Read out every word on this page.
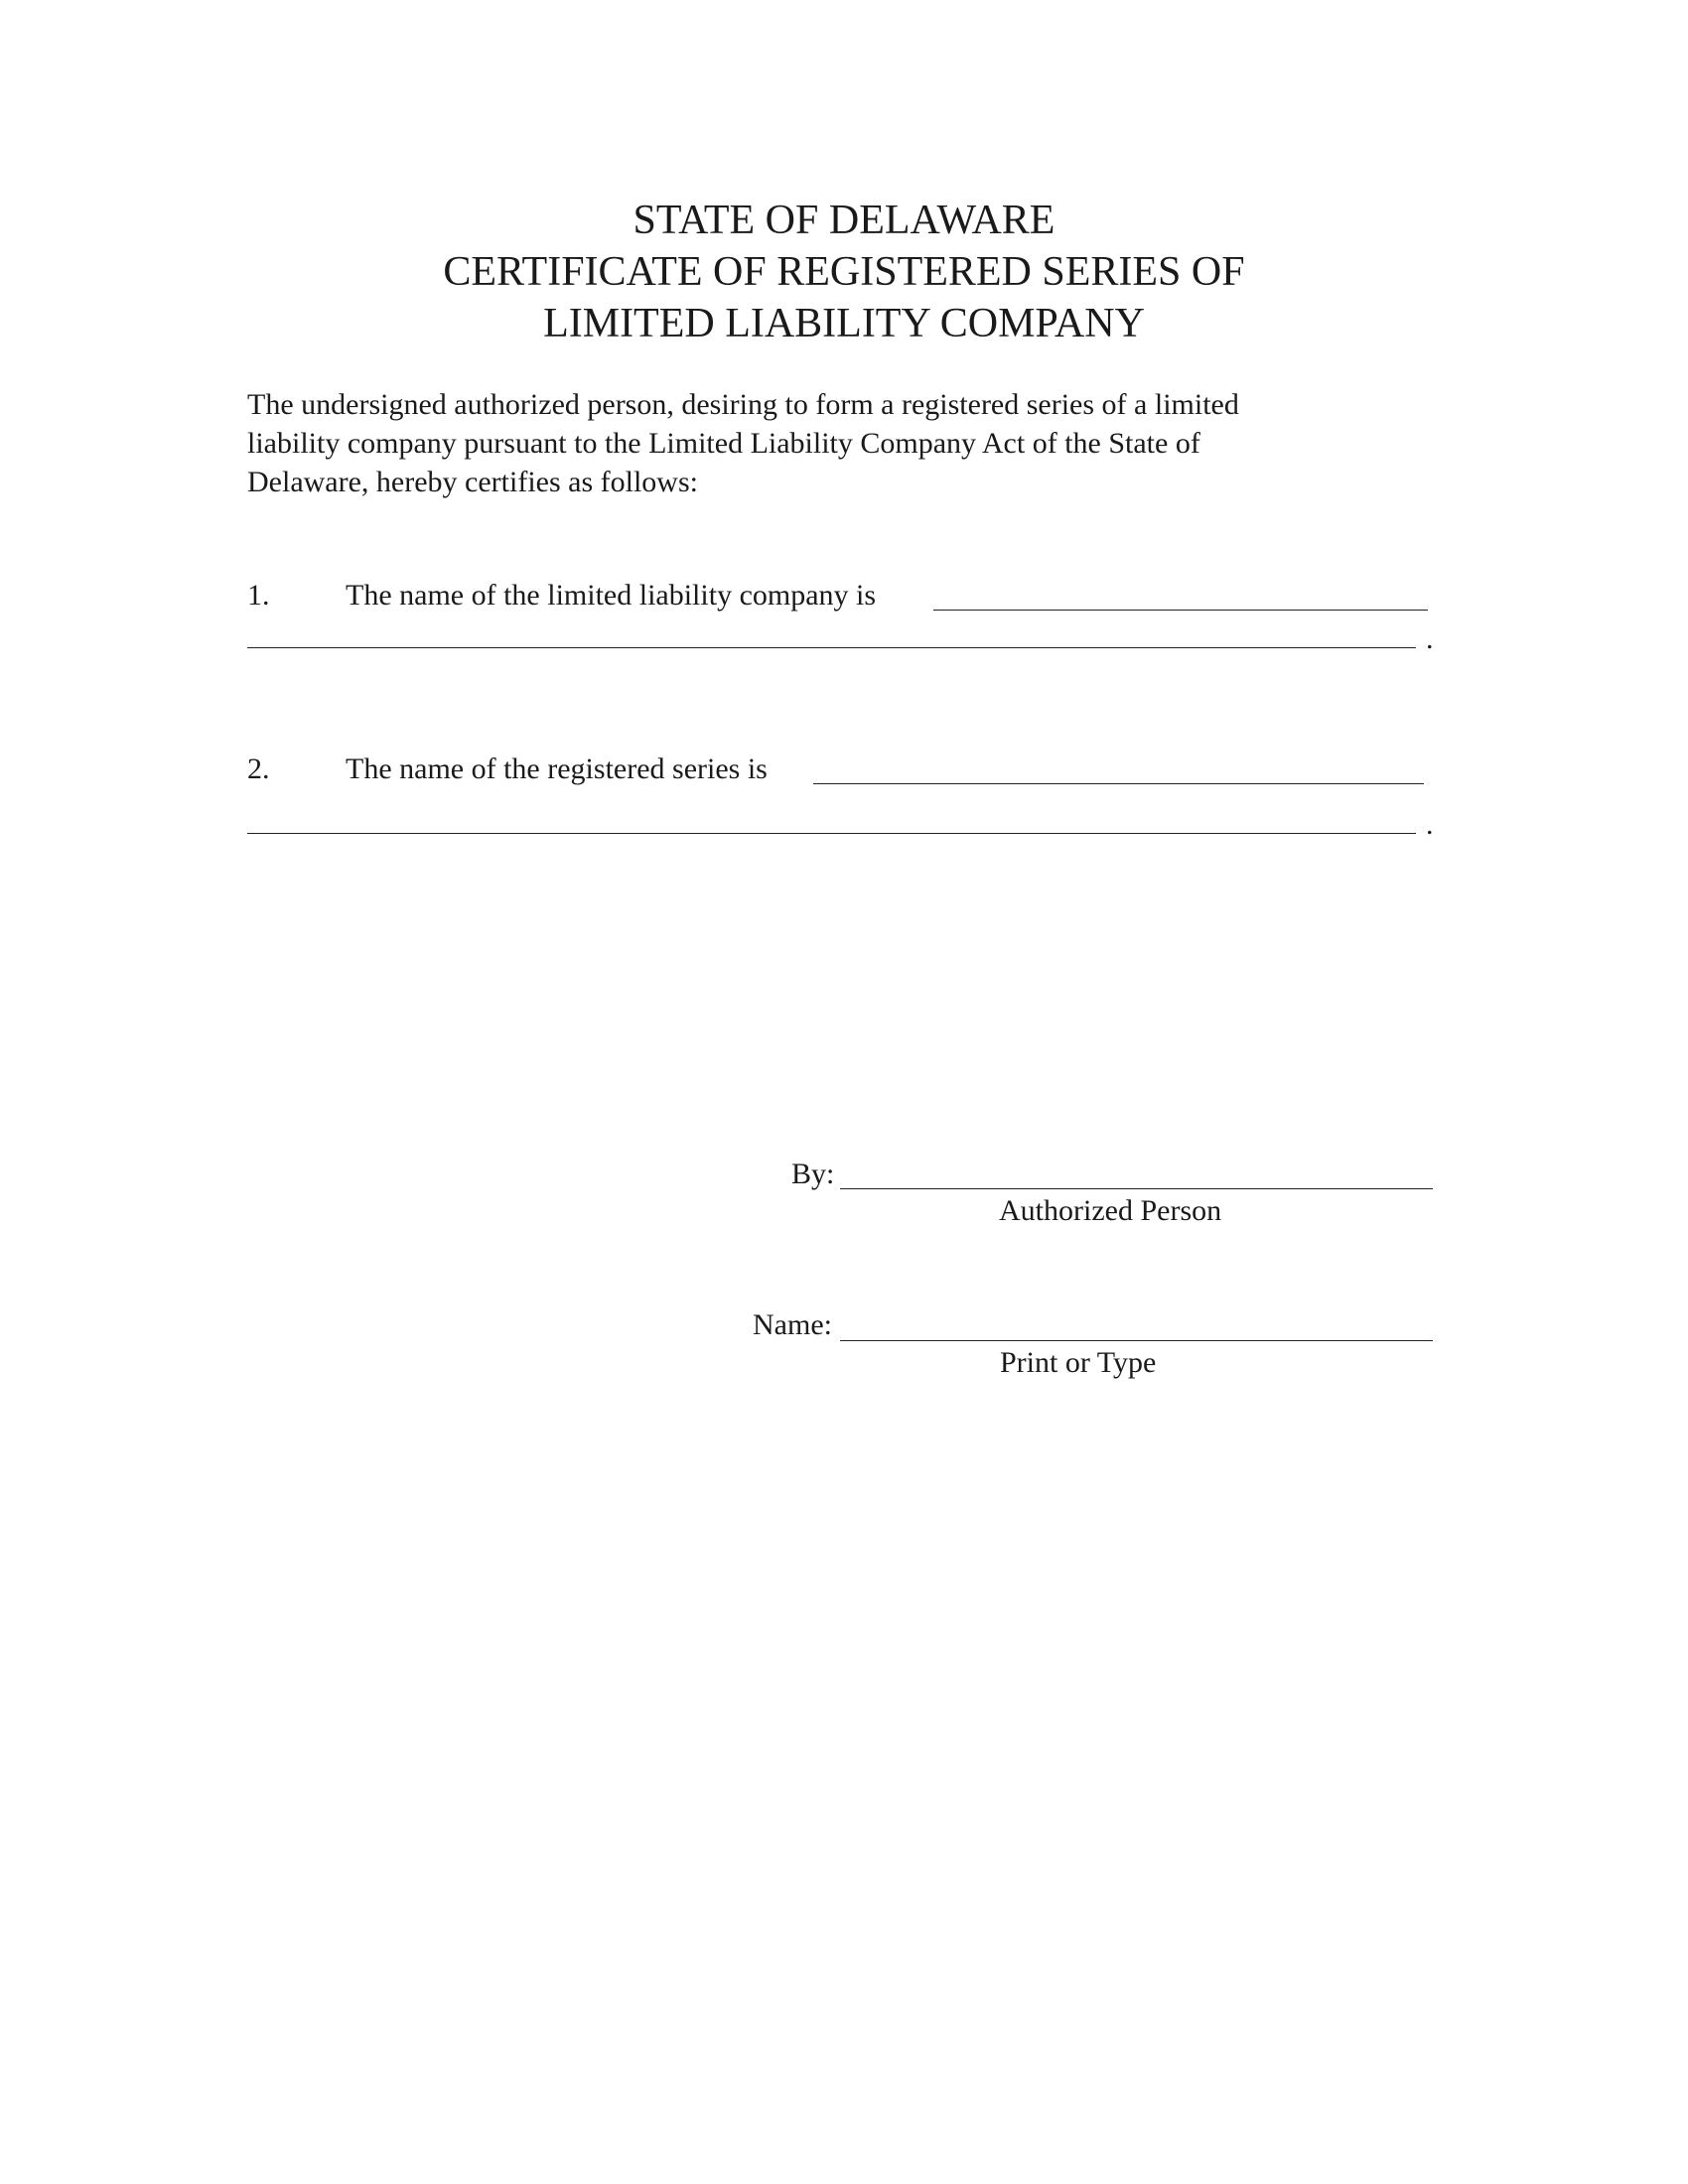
STATE OF DELAWARE
CERTIFICATE OF REGISTERED SERIES OF
LIMITED LIABILITY COMPANY
The undersigned authorized person, desiring to form a registered series of a limited
liability company pursuant to the Limited Liability Company Act of the State of
Delaware, hereby certifies as follows:
1.	The name of the limited liability company is
.
2.	The name of the registered series is
.
By:
Authorized Person
Name:
Print or Type
